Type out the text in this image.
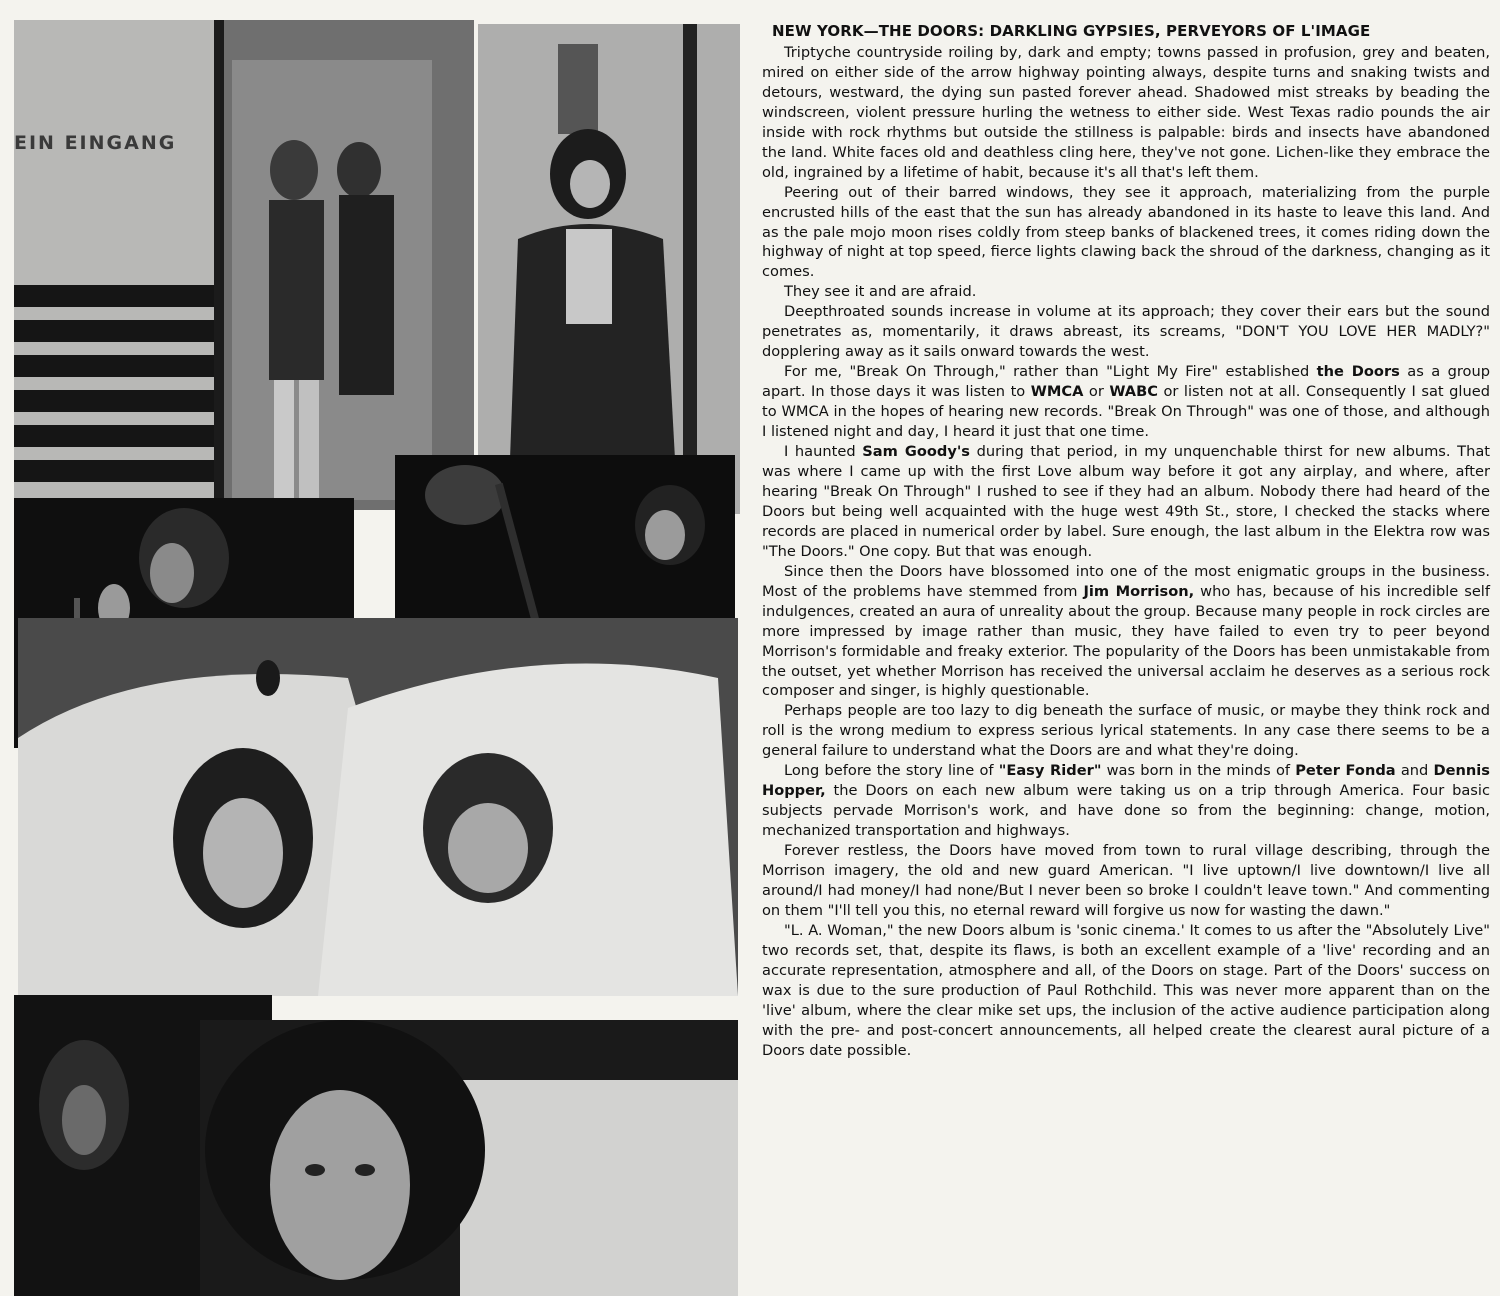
EIN EINGANG
NEW YORK—THE DOORS: DARKLING GYPSIES, PERVEYORS OF L'IMAGE

Triptyche countryside roiling by, dark and empty; towns passed in profusion, grey and beaten, mired on either side of the arrow highway pointing always, despite turns and snaking twists and detours, westward, the dying sun pasted forever ahead. Shadowed mist streaks by beading the windscreen, violent pressure hurling the wetness to either side. West Texas radio pounds the air inside with rock rhythms but outside the stillness is palpable: birds and insects have abandoned the land. White faces old and deathless cling here, they've not gone. Lichen-like they embrace the old, ingrained by a lifetime of habit, because it's all that's left them.

Peering out of their barred windows, they see it approach, materializing from the purple encrusted hills of the east that the sun has already abandoned in its haste to leave this land. And as the pale mojo moon rises coldly from steep banks of blackened trees, it comes riding down the highway of night at top speed, fierce lights clawing back the shroud of the darkness, changing as it comes.

They see it and are afraid.

Deepthroated sounds increase in volume at its approach; they cover their ears but the sound penetrates as, momentarily, it draws abreast, its screams, "DON'T YOU LOVE HER MADLY?" dopplering away as it sails onward towards the west.

For me, "Break On Through," rather than "Light My Fire" established the Doors as a group apart. In those days it was listen to WMCA or WABC or listen not at all. Consequently I sat glued to WMCA in the hopes of hearing new records. "Break On Through" was one of those, and although I listened night and day, I heard it just that one time.

I haunted Sam Goody's during that period, in my unquenchable thirst for new albums. That was where I came up with the first Love album way before it got any airplay, and where, after hearing "Break On Through" I rushed to see if they had an album. Nobody there had heard of the Doors but being well acquainted with the huge west 49th St., store, I checked the stacks where records are placed in numerical order by label. Sure enough, the last album in the Elektra row was "The Doors." One copy. But that was enough.

Since then the Doors have blossomed into one of the most enigmatic groups in the business. Most of the problems have stemmed from Jim Morrison, who has, because of his incredible self indulgences, created an aura of unreality about the group. Because many people in rock circles are more impressed by image rather than music, they have failed to even try to peer beyond Morrison's formidable and freaky exterior. The popularity of the Doors has been unmistakable from the outset, yet whether Morrison has received the universal acclaim he deserves as a serious rock composer and singer, is highly questionable.

Perhaps people are too lazy to dig beneath the surface of music, or maybe they think rock and roll is the wrong medium to express serious lyrical statements. In any case there seems to be a general failure to understand what the Doors are and what they're doing.

Long before the story line of "Easy Rider" was born in the minds of Peter Fonda and Dennis Hopper, the Doors on each new album were taking us on a trip through America. Four basic subjects pervade Morrison's work, and have done so from the beginning: change, motion, mechanized transportation and highways.

Forever restless, the Doors have moved from town to rural village describing, through the Morrison imagery, the old and new guard American. "I live uptown/I live downtown/I live all around/I had money/I had none/But I never been so broke I couldn't leave town." And commenting on them "I'll tell you this, no eternal reward will forgive us now for wasting the dawn."

"L. A. Woman," the new Doors album is 'sonic cinema.' It comes to us after the "Absolutely Live" two records set, that, despite its flaws, is both an excellent example of a 'live' recording and an accurate representation, atmosphere and all, of the Doors on stage. Part of the Doors' success on wax is due to the sure production of Paul Rothchild. This was never more apparent than on the 'live' album, where the clear mike set ups, the inclusion of the active audience participation along with the pre- and post-concert announcements, all helped create the clearest aural picture of a Doors date possible.
